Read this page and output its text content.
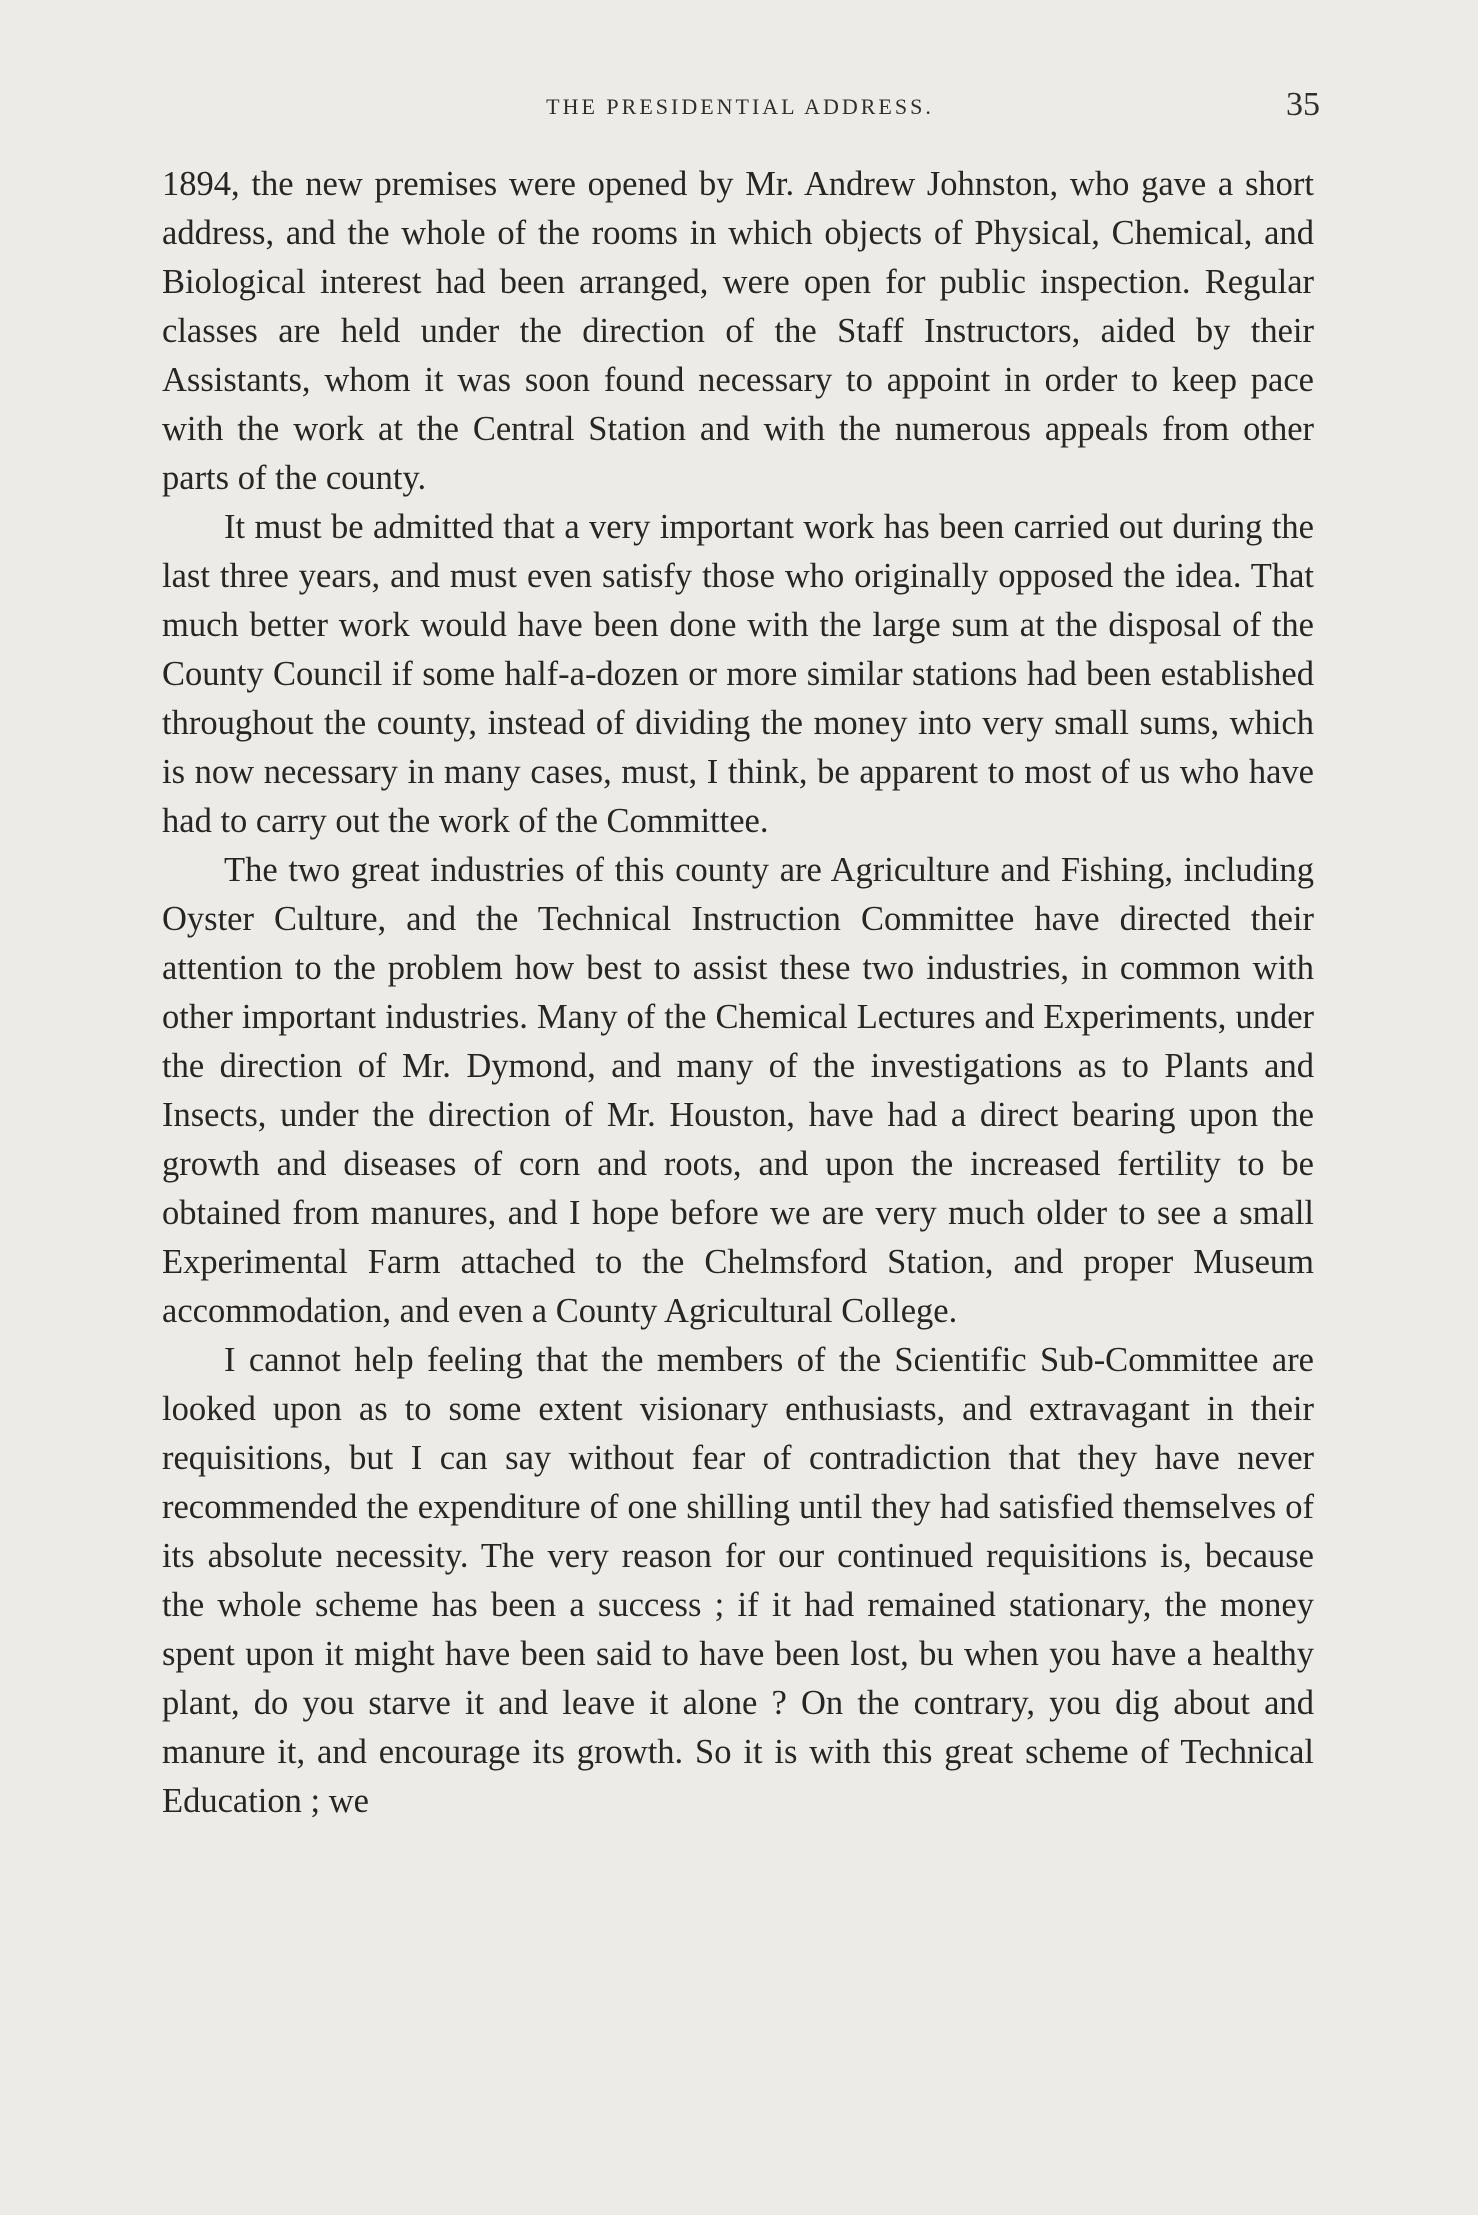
THE PRESIDENTIAL ADDRESS.	35

1894, the new premises were opened by Mr. Andrew Johnston, who gave a short address, and the whole of the rooms in which objects of Physical, Chemical, and Biological interest had been arranged, were open for public inspection. Regular classes are held under the direction of the Staff Instructors, aided by their Assistants, whom it was soon found necessary to appoint in order to keep pace with the work at the Central Station and with the numerous appeals from other parts of the county.

It must be admitted that a very important work has been carried out during the last three years, and must even satisfy those who originally opposed the idea. That much better work would have been done with the large sum at the disposal of the County Council if some half-a-dozen or more similar stations had been established throughout the county, instead of dividing the money into very small sums, which is now necessary in many cases, must, I think, be apparent to most of us who have had to carry out the work of the Committee.

The two great industries of this county are Agriculture and Fishing, including Oyster Culture, and the Technical Instruction Committee have directed their attention to the problem how best to assist these two industries, in common with other important industries. Many of the Chemical Lectures and Experiments, under the direction of Mr. Dymond, and many of the investigations as to Plants and Insects, under the direction of Mr. Houston, have had a direct bearing upon the growth and diseases of corn and roots, and upon the increased fertility to be obtained from manures, and I hope before we are very much older to see a small Experimental Farm attached to the Chelmsford Station, and proper Museum accommodation, and even a County Agricultural College.

I cannot help feeling that the members of the Scientific Sub-Committee are looked upon as to some extent visionary enthusiasts, and extravagant in their requisitions, but I can say without fear of contradiction that they have never recommended the expenditure of one shilling until they had satisfied themselves of its absolute necessity. The very reason for our continued requisitions is, because the whole scheme has been a success ; if it had remained stationary, the money spent upon it might have been said to have been lost, bu when you have a healthy plant, do you starve it and leave it alone ? On the contrary, you dig about and manure it, and encourage its growth. So it is with this great scheme of Technical Education ; we
